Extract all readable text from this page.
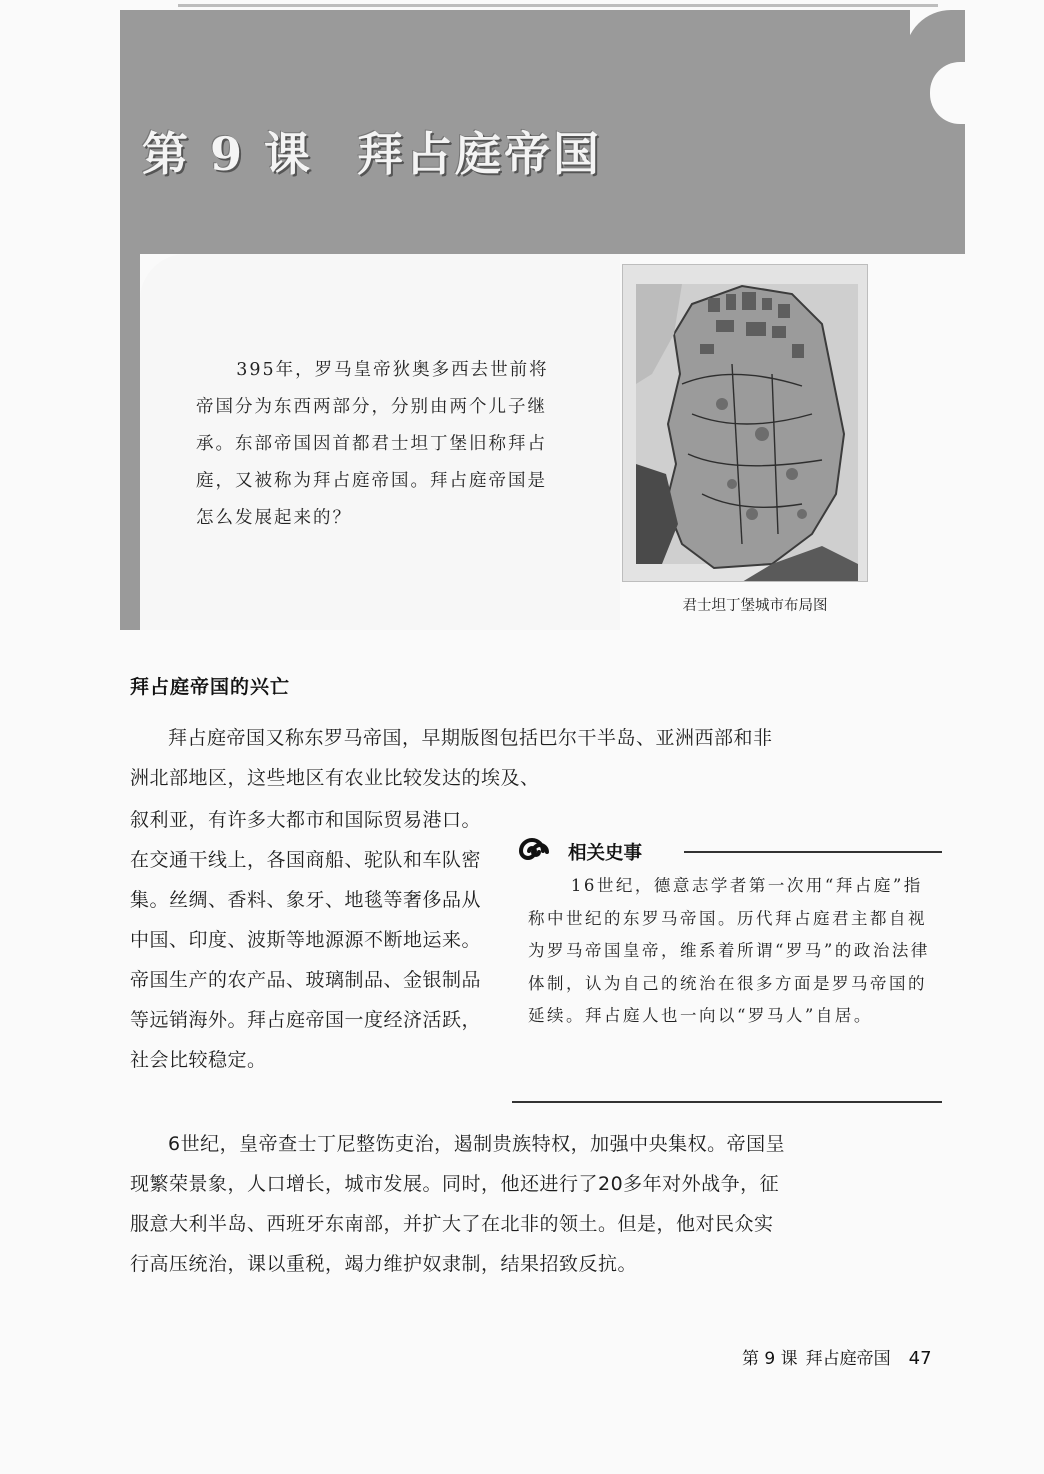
第 9 课 拜占庭帝国

395年，罗马皇帝狄奥多西去世前将帝国分为东西两部分，分别由两个儿子继承。东部帝国因首都君士坦丁堡旧称拜占庭，又被称为拜占庭帝国。拜占庭帝国是怎么发展起来的？

君士坦丁堡城市布局图

拜占庭帝国的兴亡

拜占庭帝国又称东罗马帝国，早期版图包括巴尔干半岛、亚洲西部和非洲北部地区，这些地区有农业比较发达的埃及、

叙利亚，有许多大都市和国际贸易港口。在交通干线上，各国商船、驼队和车队密集。丝绸、香料、象牙、地毯等奢侈品从中国、印度、波斯等地源源不断地运来。帝国生产的农产品、玻璃制品、金银制品等远销海外。拜占庭帝国一度经济活跃，社会比较稳定。

相关史事

16世纪，德意志学者第一次用“拜占庭”指称中世纪的东罗马帝国。历代拜占庭君主都自视为罗马帝国皇帝，维系着所谓“罗马”的政治法律体制，认为自己的统治在很多方面是罗马帝国的延续。拜占庭人也一向以“罗马人”自居。

6世纪，皇帝查士丁尼整饬吏治，遏制贵族特权，加强中央集权。帝国呈现繁荣景象，人口增长，城市发展。同时，他还进行了20多年对外战争，征服意大利半岛、西班牙东南部，并扩大了在北非的领土。但是，他对民众实行高压统治，课以重税，竭力维护奴隶制，结果招致反抗。

第 9 课 拜占庭帝国 47
